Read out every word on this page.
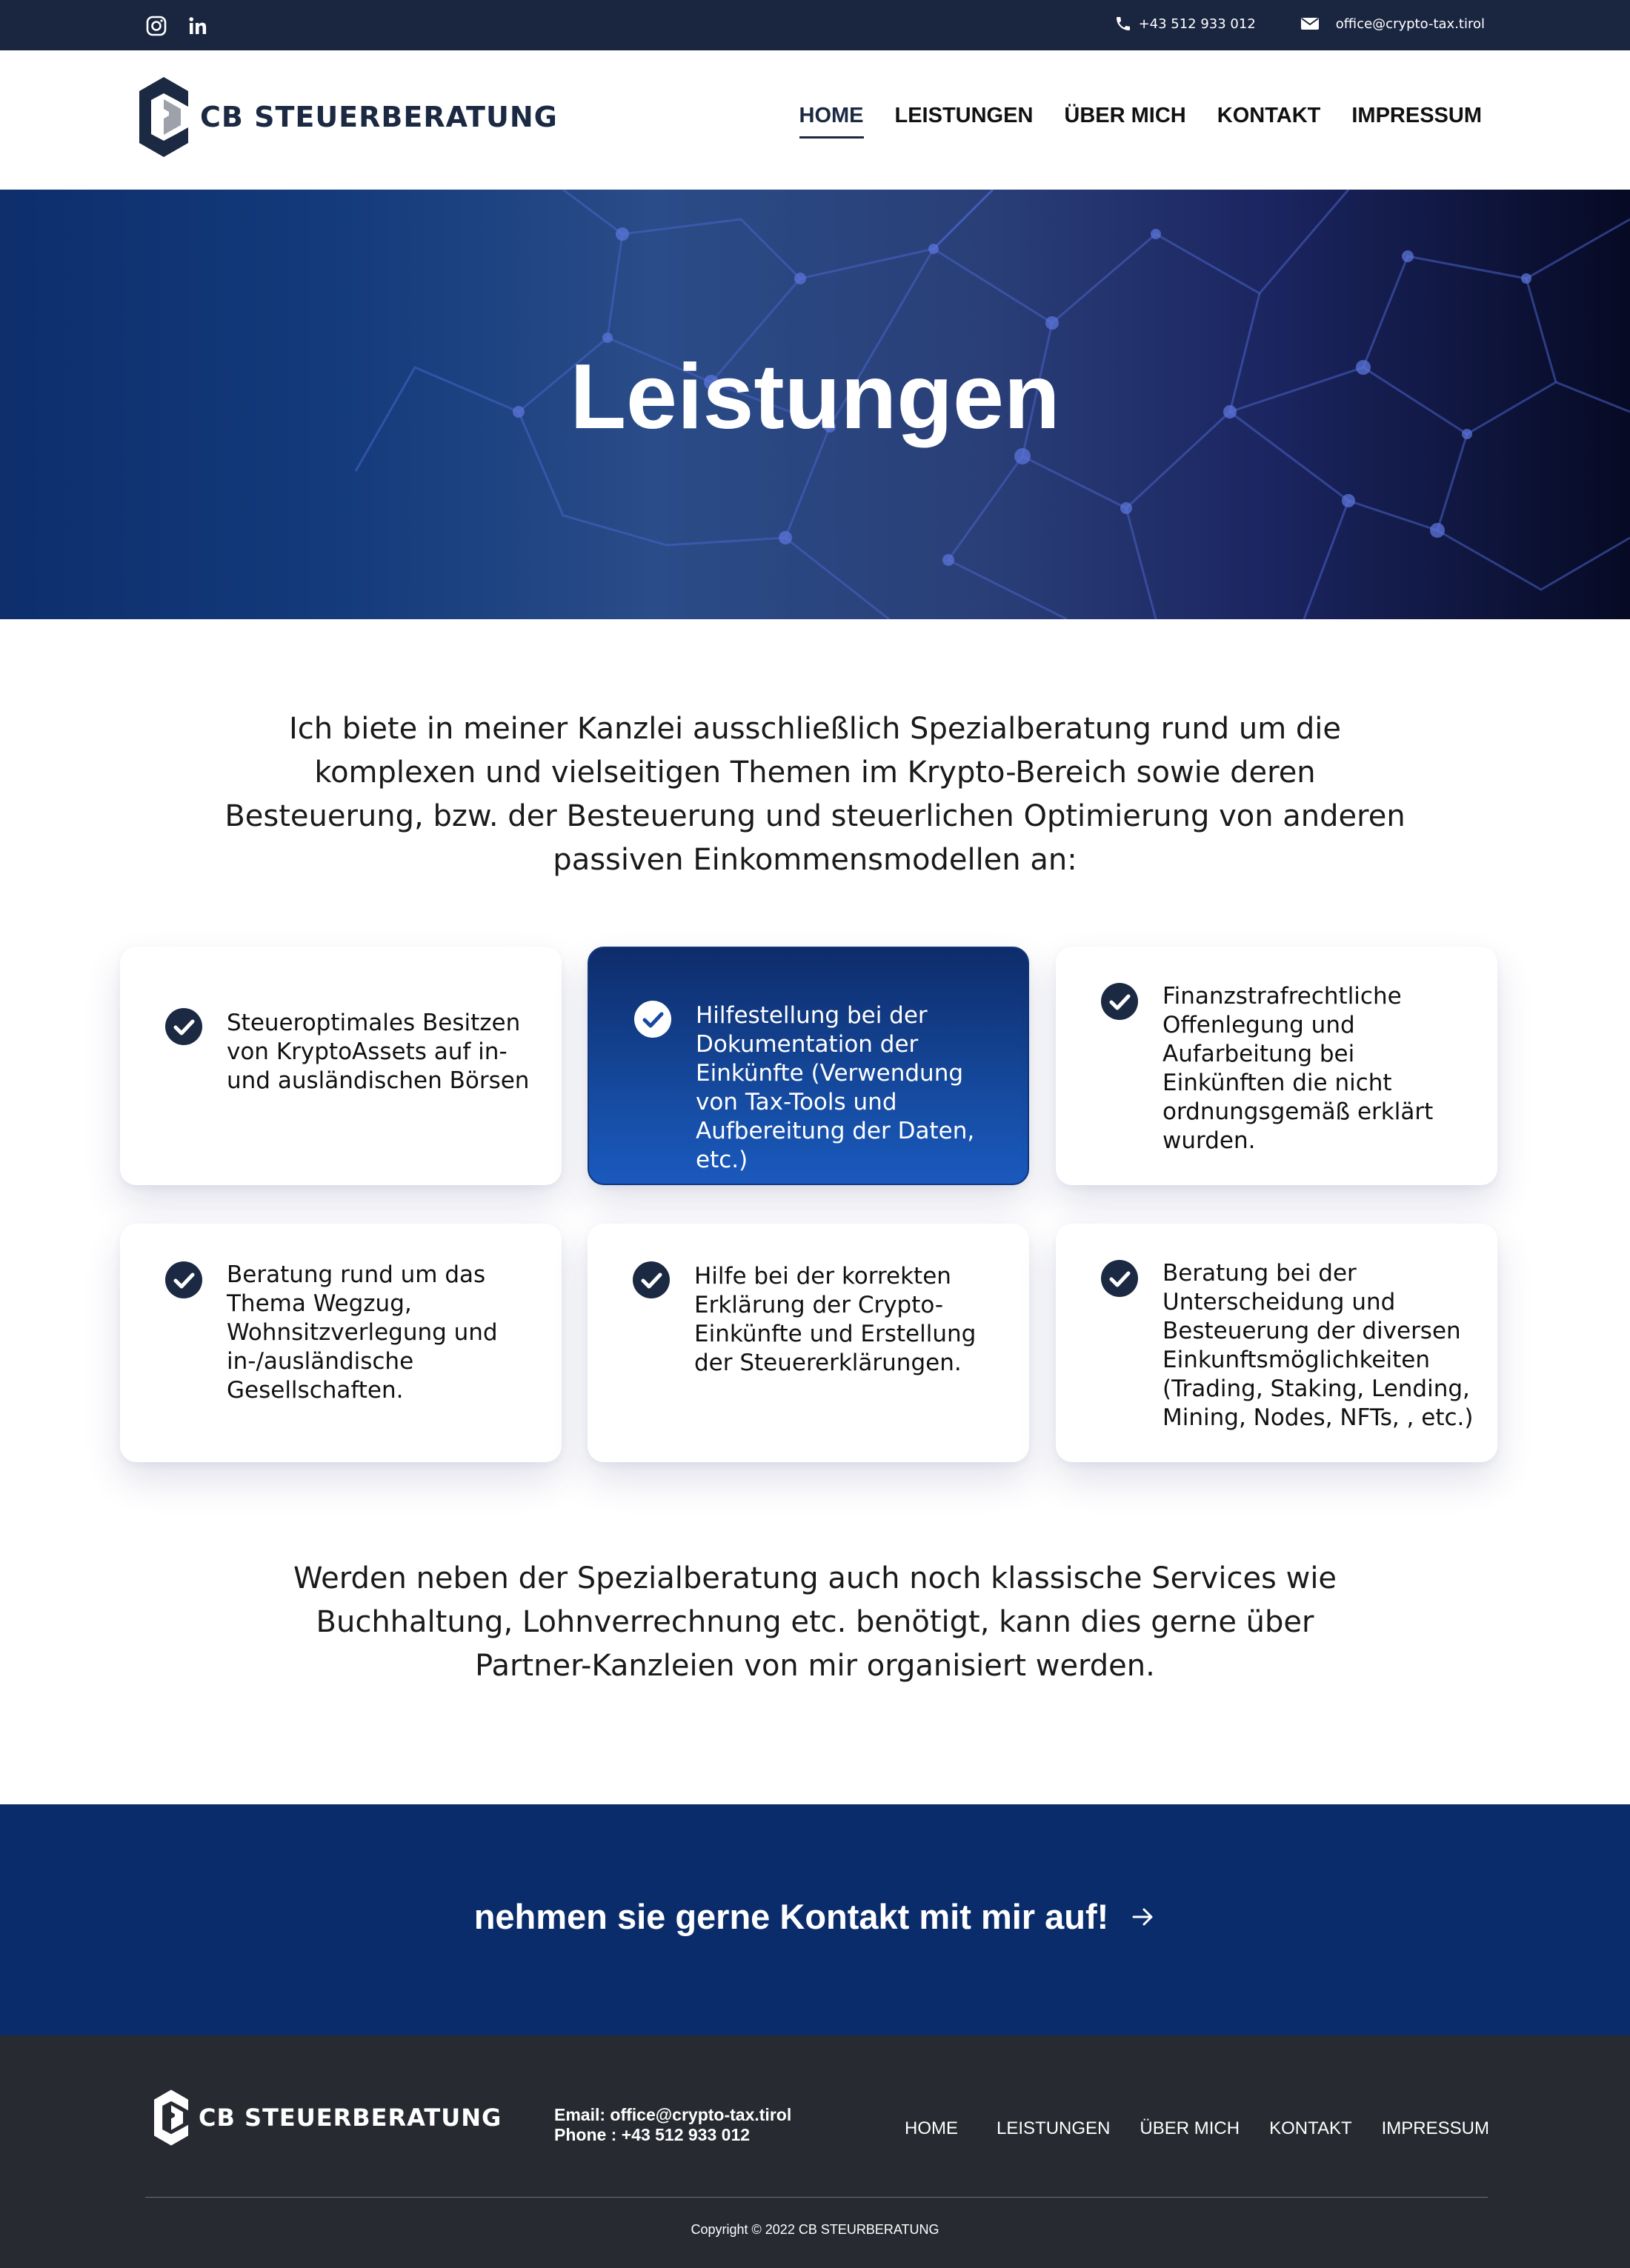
+43 512 933 012	office@crypto-tax.tirol
CB STEUERBERATUNG	HOME LEISTUNGEN ÜBER MICH KONTAKT IMPRESSUM
Leistungen

Ich biete in meiner Kanzlei ausschließlich Spezialberatung rund um die komplexen und vielseitigen Themen im Krypto-Bereich sowie deren Besteuerung, bzw. der Besteuerung und steuerlichen Optimierung von anderen passiven Einkommensmodellen an:

Steueroptimales Besitzen von KryptoAssets auf in- und ausländischen Börsen

Hilfestellung bei der Dokumentation der Einkünfte (Verwendung von Tax-Tools und Aufbereitung der Daten, etc.)

Finanzstrafrechtliche Offenlegung und Aufarbeitung bei Einkünften die nicht ordnungsgemäß erklärt wurden.

Beratung rund um das Thema Wegzug, Wohnsitzverlegung und in-/ausländische Gesellschaften.

Hilfe bei der korrekten Erklärung der Crypto-Einkünfte und Erstellung der Steuererklärungen.

Beratung bei der Unterscheidung und Besteuerung der diversen Einkunftsmöglichkeiten (Trading, Staking, Lending, Mining, Nodes, NFTs, , etc.)

Werden neben der Spezialberatung auch noch klassische Services wie Buchhaltung, Lohnverrechnung etc. benötigt, kann dies gerne über Partner-Kanzleien von mir organisiert werden.

nehmen sie gerne Kontakt mit mir auf!
CB STEUERBERATUNG	Email: office@crypto-tax.tirol
Phone : +43 512 933 012	HOME LEISTUNGEN ÜBER MICH KONTAKT IMPRESSUM
Copyright © 2022 CB STEURBERATUNG
